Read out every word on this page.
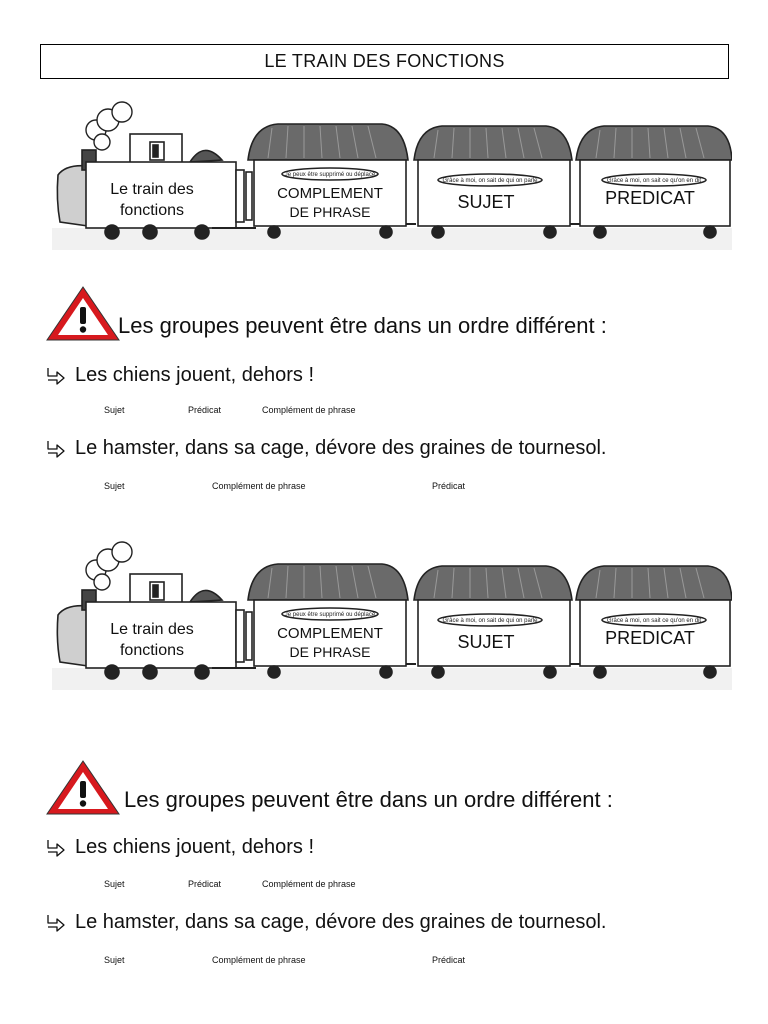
LE TRAIN DES FONCTIONS
Le train des
fonctions
Je peux être supprimé ou déplacé
COMPLEMENT
DE PHRASE
Grâce à moi, on sait de qui on parle
SUJET
Grâce à moi, on sait ce qu'on en dit
PREDICAT
Le train des
fonctions
Je peux être supprimé ou déplacé
COMPLEMENT
DE PHRASE
Grâce à moi, on sait de qui on parle
SUJET
Grâce à moi, on sait ce qu'on en dit
PREDICAT
Les groupes peuvent être dans un ordre différent :
Les chiens jouent, dehors !
Sujet	Prédicat	Complément de phrase
Le hamster, dans sa cage, dévore des graines de tournesol.
Sujet	Complément de phrase	Prédicat
Les groupes peuvent être dans un ordre différent :
Les chiens jouent, dehors !
Sujet	Prédicat	Complément de phrase
Le hamster, dans sa cage, dévore des graines de tournesol.
Sujet	Complément de phrase	Prédicat
